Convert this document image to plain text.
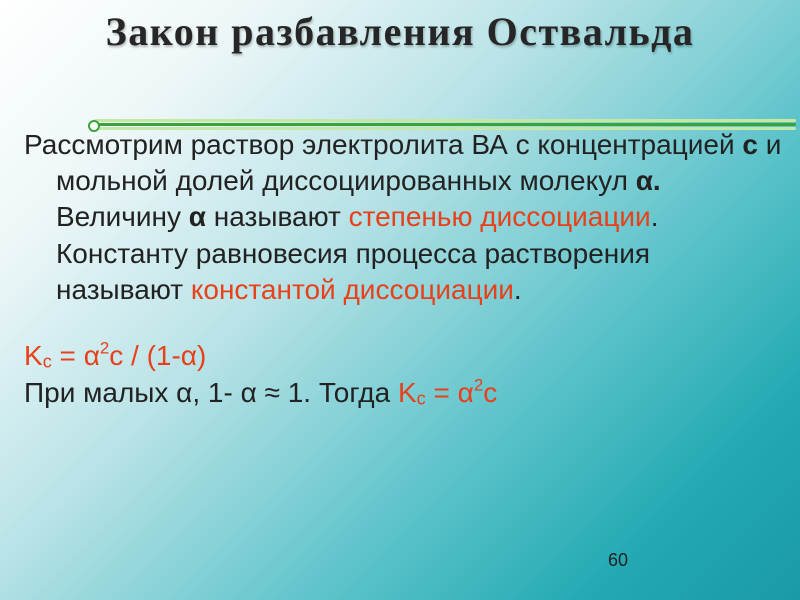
Закон разбавления Оствальда

Рассмотрим раствор электролита ВА с концентрацией с и мольной долей диссоциированных молекул α. Величину α называют степенью диссоциации. Константу равновесия процесса растворения называют константой диссоциации.

$K_c = \alpha^2c / (1-\alpha)$

При малых α, 1- α ≈ 1. Тогда $K_c = \alpha^2c$

60
